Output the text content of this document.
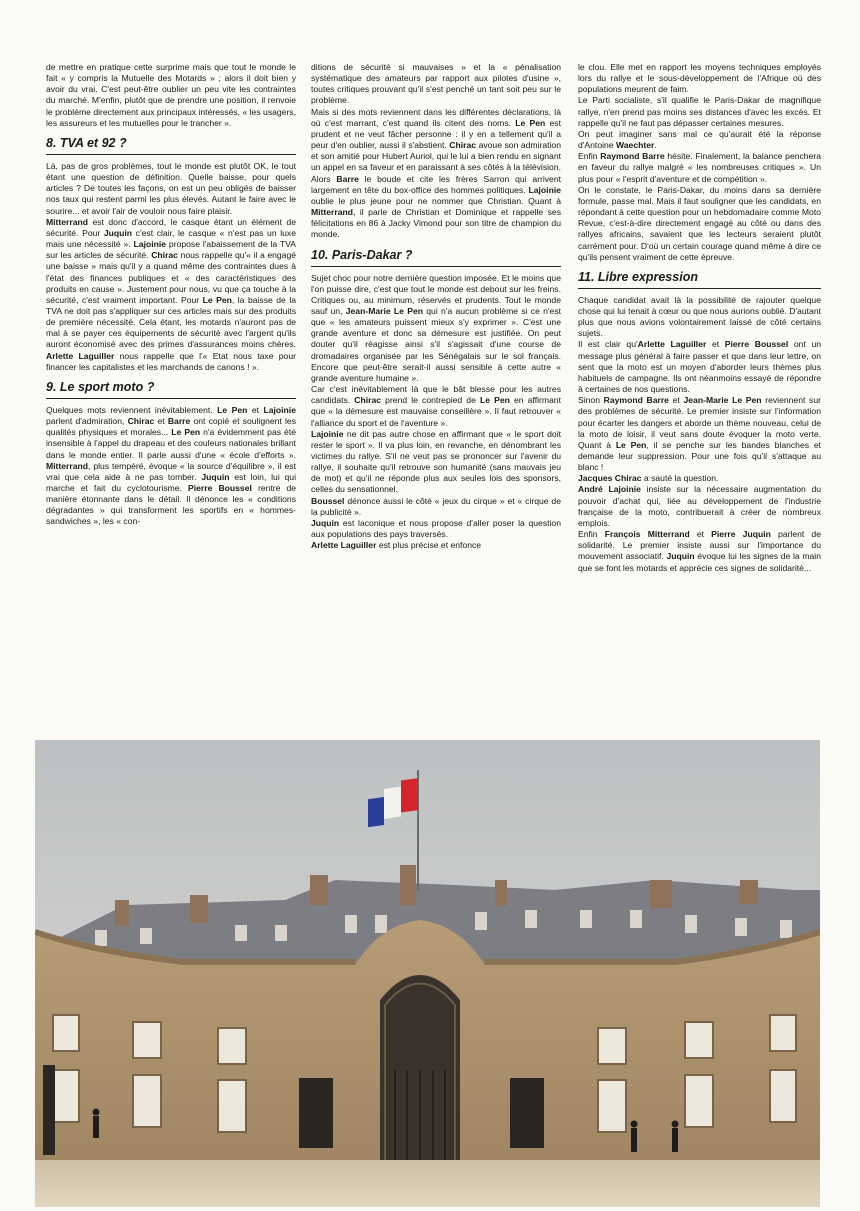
de mettre en pratique cette surprime mais que tout le monde le fait « y compris la Mutuelle des Motards » ; alors il doit bien y avoir du vrai. C'est peut-être oublier un peu vite les contraintes du marché. M'enfin, plutôt que de prendre une position, il renvoie le problème directement aux principaux intéressés, « les usagers, les assureurs et les mutuelles pour le trancher ».

8. TVA et 92 ?

Là, pas de gros problèmes, tout le monde est plutôt OK, le tout étant une question de définition. Quelle baisse, pour quels articles ? De toutes les façons, on est un peu obligés de baisser nos taux qui restent parmi les plus élevés. Autant le faire avec le sourire... et avoir l'air de vouloir nous faire plaisir.

Mitterrand est donc d'accord, le casque étant un élément de sécurité. Pour Juquin c'est clair, le casque « n'est pas un luxe mais une nécessité ». Lajoinie propose l'abaissement de la TVA sur les articles de sécurité. Chirac nous rappelle qu'« il a engagé une baisse » mais qu'il y a quand même des contraintes dues à l'état des finances publiques et « des caractéristiques des produits en cause ». Justement pour nous, vu que ça touche à la sécurité, c'est vraiment important. Pour Le Pen, la baisse de la TVA ne doit pas s'appliquer sur ces articles mais sur des produits de première nécessité. Cela étant, les motards n'auront pas de mal à se payer ces équipements de sécurité avec l'argent qu'ils auront économisé avec des primes d'assurances moins chères. Arlette Laguiller nous rappelle que l'« Etat nous taxe pour financer les capitalistes et les marchands de canons ! ».

9. Le sport moto ?

Quelques mots reviennent inévitablement. Le Pen et Lajoinie parlent d'admiration, Chirac et Barre ont copié et soulignent les qualités physiques et morales... Le Pen n'a évidemment pas été insensible à l'appel du drapeau et des couleurs nationales brillant dans le monde entier. Il parle aussi d'une « école d'efforts ». Mitterrand, plus tempéré, évoque « la source d'équilibre », il est vrai que cela aide à ne pas tomber. Juquin est loin, lui qui marche et fait du cyclotourisme. Pierre Boussel rentre de manière étonnante dans le détail. Il dénonce les « conditions dégradantes » qui transforment les sportifs en « hommes-sandwiches », les « con-

ditions de sécurité si mauvaises » et la « pénalisation systématique des amateurs par rapport aux pilotes d'usine », toutes critiques prouvant qu'il s'est penché un tant soit peu sur le problème.

Mais si des mots reviennent dans les différentes déclarations, là où c'est marrant, c'est quand ils citent des noms. Le Pen est prudent et ne veut fâcher personne : il y en a tellement qu'il a peur d'en oublier, aussi il s'abstient. Chirac avoue son admiration et son amitié pour Hubert Auriol, qui le lui a bien rendu en signant un appel en sa faveur et en paraissant à ses côtés à la télévision. Alors Barre le boude et cite les frères Sarron qui arrivent largement en tête du box-office des hommes politiques. Lajoinie oublie le plus jeune pour ne nommer que Christian. Quant à Mitterrand, il parle de Christian et Dominique et rappelle ses félicitations en 86 à Jacky Vimond pour son titre de champion du monde.

10. Paris-Dakar ?

Sujet choc pour notre dernière question imposée. Et le moins que l'on puisse dire, c'est que tout le monde est debout sur les freins. Critiques ou, au minimum, réservés et prudents. Tout le monde sauf un, Jean-Marie Le Pen qui n'a aucun problème si ce n'est que « les amateurs puissent mieux s'y exprimer ». C'est une grande aventure et donc sa démesure est justifiée. On peut douter qu'il réagisse ainsi s'il s'agissait d'une course de dromadaires organisée par les Sénégalais sur le sol français. Encore que peut-être serait-il aussi sensible à cette autre « grande aventure humaine ».

Car c'est inévitablement là que le bât blesse pour les autres candidats. Chirac prend le contrepied de Le Pen en affirmant que « la démesure est mauvaise conseillère ». Il faut retrouver « l'alliance du sport et de l'aventure ».

Lajoinie ne dit pas autre chose en affirmant que « le sport doit rester le sport ». Il va plus loin, en revanche, en dénombrant les victimes du rallye. S'il ne veut pas se prononcer sur l'avenir du rallye, il souhaite qu'il retrouve son humanité (sans mauvais jeu de mot) et qu'il ne réponde plus aux seules lois des sponsors, celles du sensationnel.

Boussel dénonce aussi le côté « jeux du cirque » et « cirque de la publicité ».

Juquin est laconique et nous propose d'aller poser la question aux populations des pays traversés.

Arlette Laguiller est plus précise et enfonce

le clou. Elle met en rapport les moyens techniques employés lors du rallye et le sous-développement de l'Afrique où des populations meurent de faim.

Le Parti socialiste, s'il qualifie le Paris-Dakar de magnifique rallye, n'en prend pas moins ses distances d'avec les excès. Et rappelle qu'il ne faut pas dépasser certaines mesures.

On peut imaginer sans mal ce qu'aurait été la réponse d'Antoine Waechter.

Enfin Raymond Barre hésite. Finalement, la balance penchera en faveur du rallye malgré « les nombreuses critiques ». Un plus pour « l'esprit d'aventure et de compétition ».

On le constate, le Paris-Dakar, du moins dans sa dernière formule, passe mal. Mais il faut souligner que les candidats, en répondant à cette question pour un hebdomadaire comme Moto Revue, c'est-à-dire directement engagé au côté ou dans des rallyes africains, savaient que les lecteurs seraient plutôt carrément pour. D'où un certain courage quand même à dire ce qu'ils pensent vraiment de cette épreuve.

11. Libre expression

Chaque candidat avait là la possibilité de rajouter quelque chose qui lui tenait à cœur ou que nous aurions oublié. D'autant plus que nous avions volontairement laissé de côté certains sujets.

Il est clair qu'Arlette Laguiller et Pierre Boussel ont un message plus général à faire passer et que dans leur lettre, on sent que la moto est un moyen d'aborder leurs thèmes plus habituels de campagne. Ils ont néanmoins essayé de répondre à certaines de nos questions.

Sinon Raymond Barre et Jean-Marie Le Pen reviennent sur des problèmes de sécurité. Le premier insiste sur l'information pour écarter les dangers et aborde un thème nouveau, celui de la moto de loisir, il veut sans doute évoquer la moto verte. Quant à Le Pen, il se penche sur les bandes blanches et demande leur suppression. Pour une fois qu'il s'attaque au blanc !

Jacques Chirac a sauté la question.

André Lajoinie insiste sur la nécessaire augmentation du pouvoir d'achat qui, liée au développement de l'industrie française de la moto, contribuerait à créer de nombreux emplois.

Enfin François Mitterrand et Pierre Juquin parlent de solidarité. Le premier insiste aussi sur l'importance du mouvement associatif. Juquin évoque lui les signes de la main que se font les motards et apprécie ces signes de solidarité... ■
